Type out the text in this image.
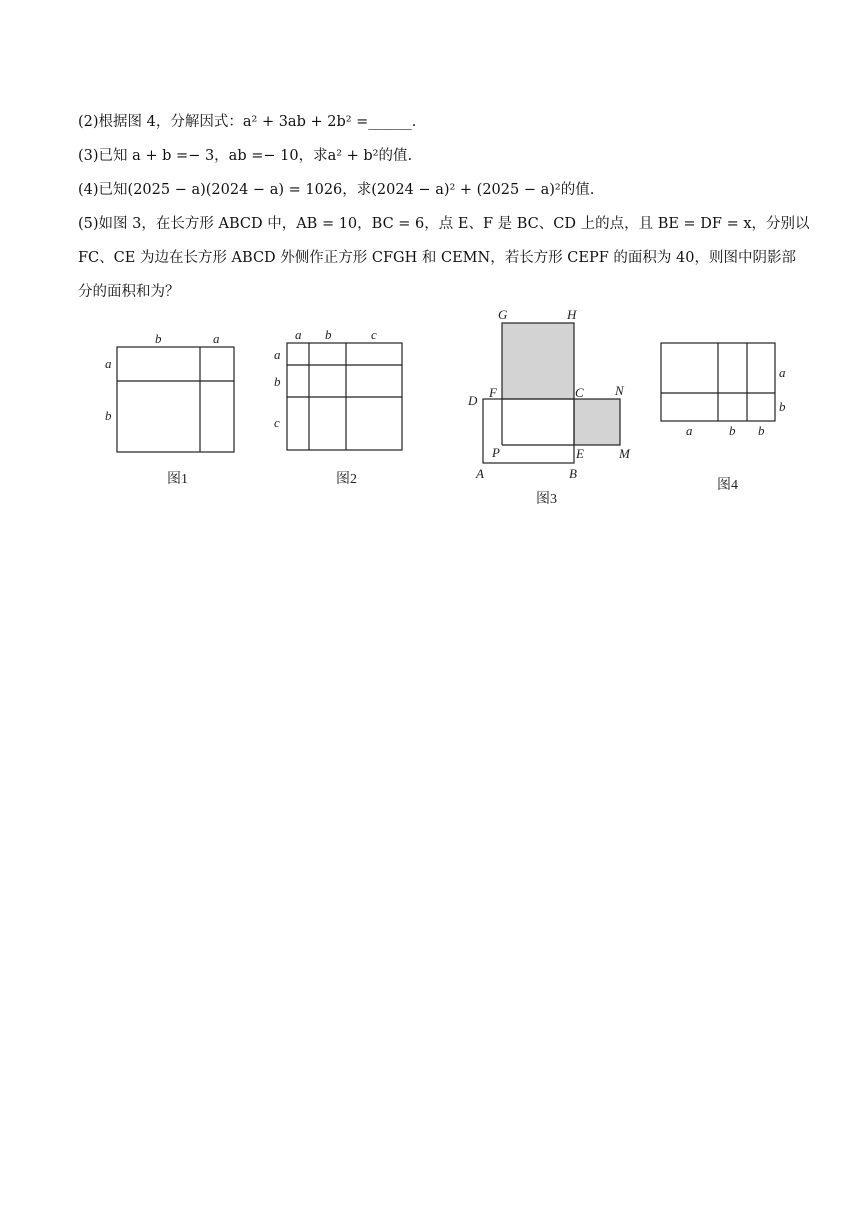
(2)根据图 4，分解因式：a² + 3ab + 2b² =______.
(3)已知 a + b =− 3，ab =− 10，求a² + b²的值.
(4)已知(2025 − a)(2024 − a) = 1026，求(2024 − a)² + (2025 − a)²的值.
(5)如图 3，在长方形 ABCD 中，AB = 10，BC = 6，点 E、F 是 BC、CD 上的点，且 BE = DF = x，分别以
FC、CE 为边在长方形 ABCD 外侧作正方形 CFGH 和 CEMN，若长方形 CEPF 的面积为 40，则图中阴影部
分的面积和为？
b	a
a
b
图1
a b	c
a
b
c
图2
G	H
D
F	C N
P	E	M
A	B
图3
a
b
a	b b
图4
